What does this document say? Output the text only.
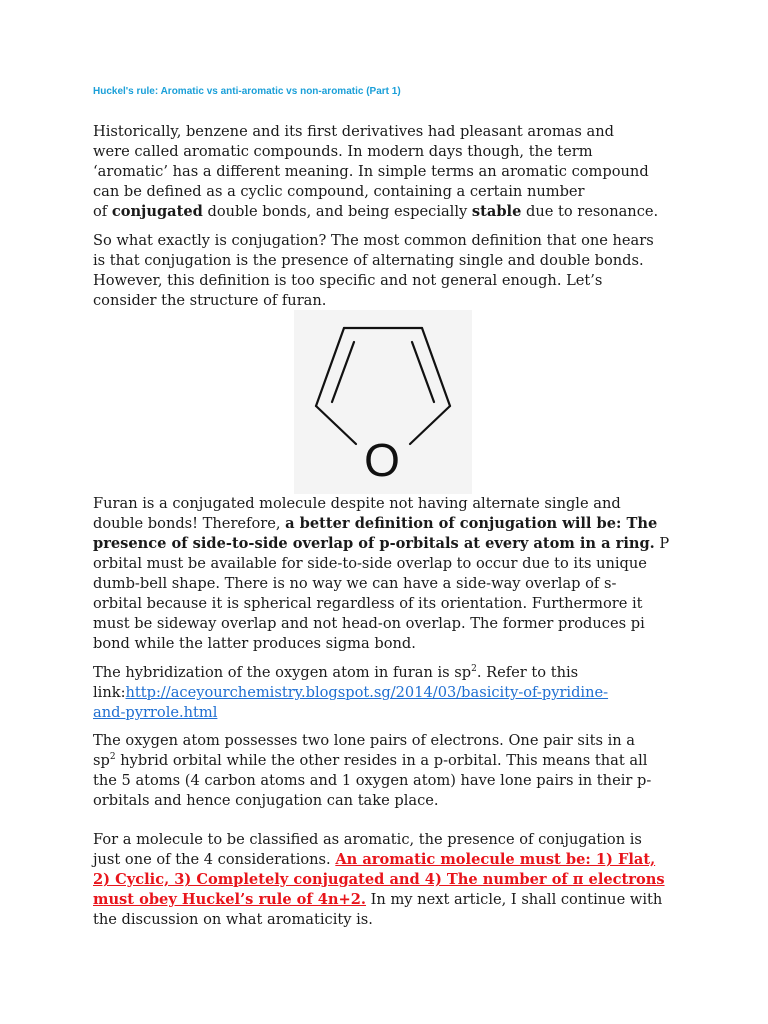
Huckel's rule: Aromatic vs anti-aromatic vs non-aromatic (Part 1)

Historically, benzene and its first derivatives had pleasant aromas and

were called aromatic compounds. In modern days though, the term

‘aromatic’ has a different meaning. In simple terms an aromatic compound

can be defined as a cyclic compound, containing a certain number

of conjugated double bonds, and being especially stable due to resonance.

So what exactly is conjugation? The most common definition that one hears

is that conjugation is the presence of alternating single and double bonds.

However, this definition is too specific and not general enough. Let’s

consider the structure of furan.

O

Furan is a conjugated molecule despite not having alternate single and

double bonds! Therefore, a better definition of conjugation will be: The

presence of side-to-side overlap of p-orbitals at every atom in a ring. P

orbital must be available for side-to-side overlap to occur due to its unique

dumb-bell shape. There is no way we can have a side-way overlap of s-

orbital because it is spherical regardless of its orientation. Furthermore it

must be sideway overlap and not head-on overlap. The former produces pi

bond while the latter produces sigma bond.

The hybridization of the oxygen atom in furan is $sp^2$. Refer to this

link:http://aceyourchemistry.blogspot.sg/2014/03/basicity-of-pyridine-

and-pyrrole.html

The oxygen atom possesses two lone pairs of electrons. One pair sits in a

$sp^2$ hybrid orbital while the other resides in a p-orbital. This means that all

the 5 atoms (4 carbon atoms and 1 oxygen atom) have lone pairs in their p-

orbitals and hence conjugation can take place.

For a molecule to be classified as aromatic, the presence of conjugation is

just one of the 4 considerations. An aromatic molecule must be: 1) Flat,

2) Cyclic, 3) Completely conjugated and 4) The number of π electrons

must obey Huckel’s rule of 4n+2. In my next article, I shall continue with

the discussion on what aromaticity is.
